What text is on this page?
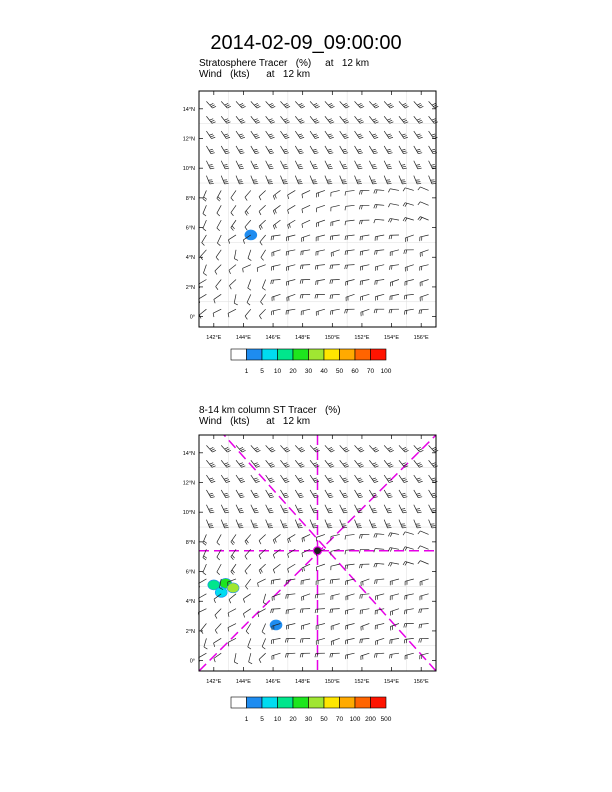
2014-02-09_09:00:00
Stratosphere Tracer   (%)     at   12 km
Wind   (kts)      at   12 km
8-14 km column ST Tracer   (%)
Wind   (kts)      at   12 km
142°E	144°E	146°E	148°E	150°E	152°E	154°E	156°E
0°
2°N
4°N
6°N
8°N
10°N
12°N
14°N
1 5 10 20 30 40 50 60 70 100
142°E	144°E	146°E	148°E	150°E	152°E	154°E	156°E
0°
2°N
4°N
6°N
8°N
10°N
12°N
14°N
1 5 10 20 30 50 70 100 200 500
